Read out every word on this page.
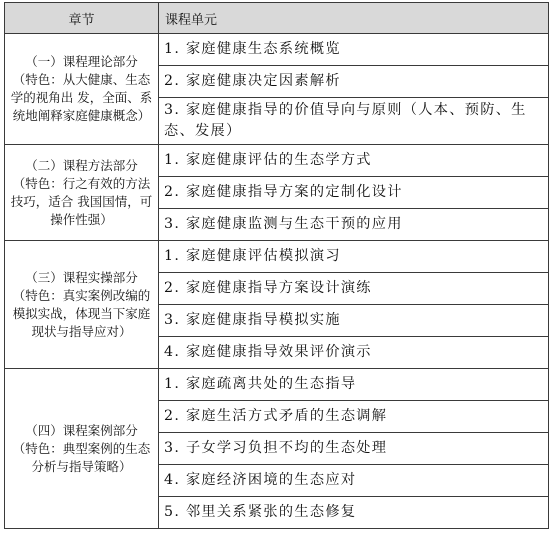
章节	课程单元

（一）课程理论部分
（特色：从大健康、生态学的视角出 发，全面、系统地阐释家庭健康概念）	1. 家庭健康生态系统概览
	2. 家庭健康决定因素解析
	3. 家庭健康指导的价值导向与原则（人本、预防、生 态、发展）

（二）课程方法部分
（特色：行之有效的方法技巧，适合 我国国情，可操作性强）	1. 家庭健康评估的生态学方式
	2. 家庭健康指导方案的定制化设计
	3. 家庭健康监测与生态干预的应用

（三）课程实操部分
（特色：真实案例改编的模拟实战，体现当下家庭现状与指导应对）	1. 家庭健康评估模拟演习
	2. 家庭健康指导方案设计演练
	3. 家庭健康指导模拟实施
	4. 家庭健康指导效果评价演示

（四）课程案例部分
（特色：典型案例的生态分析与指导策略）	1. 家庭疏离共处的生态指导
	2. 家庭生活方式矛盾的生态调解
	3. 子女学习负担不均的生态处理
	4. 家庭经济困境的生态应对
	5. 邻里关系紧张的生态修复
